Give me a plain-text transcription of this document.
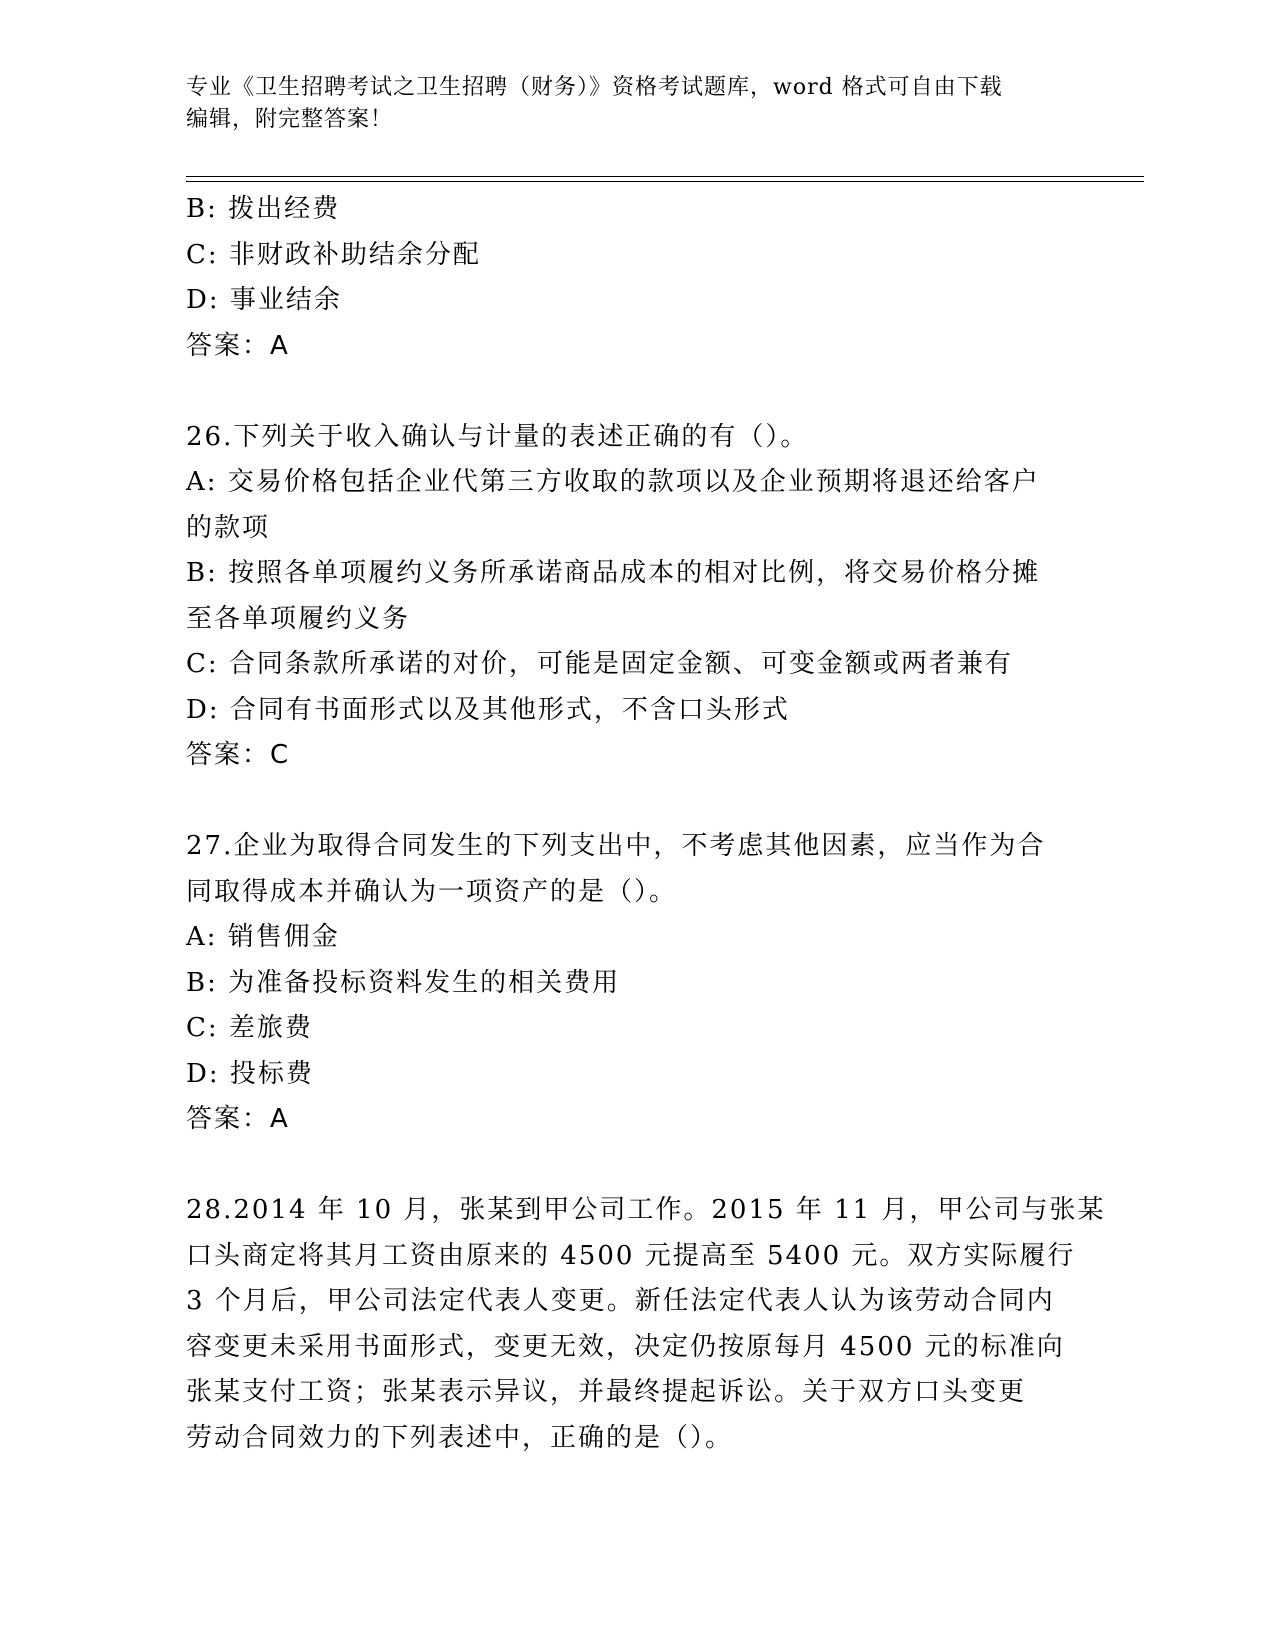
专业《卫生招聘考试之卫生招聘（财务）》资格考试题库，word 格式可自由下载
编辑，附完整答案！
B: 拨出经费
C: 非财政补助结余分配
D: 事业结余
答案：A
26.下列关于收入确认与计量的表述正确的有（）。
A: 交易价格包括企业代第三方收取的款项以及企业预期将退还给客户
的款项
B: 按照各单项履约义务所承诺商品成本的相对比例，将交易价格分摊
至各单项履约义务
C: 合同条款所承诺的对价，可能是固定金额、可变金额或两者兼有
D: 合同有书面形式以及其他形式，不含口头形式
答案：C
27.企业为取得合同发生的下列支出中，不考虑其他因素，应当作为合
同取得成本并确认为一项资产的是（）。
A: 销售佣金
B: 为准备投标资料发生的相关费用
C: 差旅费
D: 投标费
答案：A
28.2014 年 10 月，张某到甲公司工作。2015 年 11 月，甲公司与张某
口头商定将其月工资由原来的 4500 元提高至 5400 元。双方实际履行
3 个月后，甲公司法定代表人变更。新任法定代表人认为该劳动合同内
容变更未采用书面形式，变更无效，决定仍按原每月 4500 元的标准向
张某支付工资；张某表示异议，并最终提起诉讼。关于双方口头变更
劳动合同效力的下列表述中，正确的是（）。
